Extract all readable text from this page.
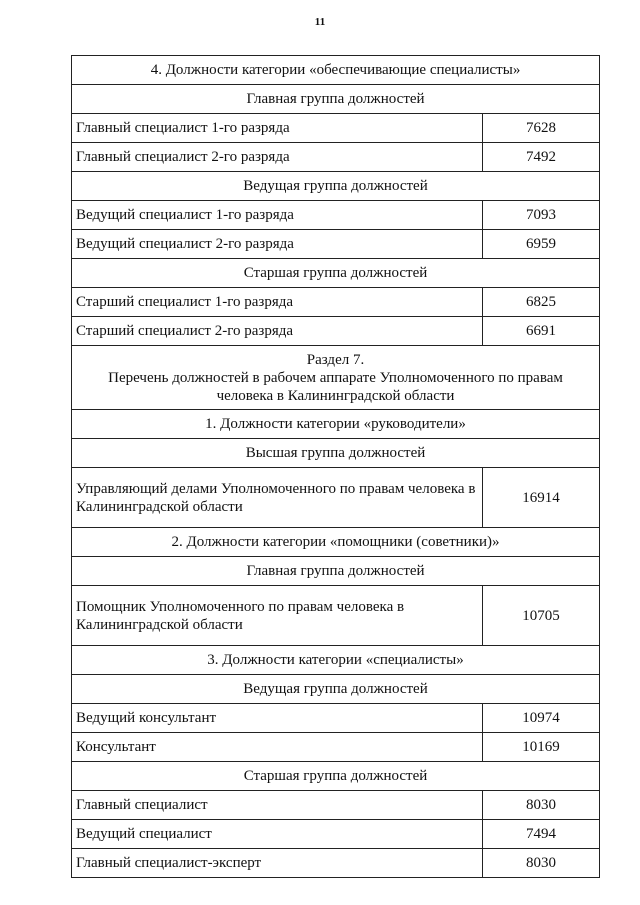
11
4. Должности категории «обеспечивающие специалисты»	
Главная группа должностей	
Главный специалист 1-го разряда	7628
Главный специалист 2-го разряда	7492
Ведущая группа должностей	
Ведущий специалист 1-го разряда	7093
Ведущий специалист 2-го разряда	6959
Старшая группа должностей	
Старший специалист 1-го разряда	6825
Старший специалист 2-го разряда	6691

Раздел 7.
Перечень должностей в рабочем аппарате Уполномоченного по правам
человека в Калининградской области	

1. Должности категории «руководители»	
Высшая группа должностей	
Управляющий делами Уполномоченного по правам человека в Калининградской области	16914
2. Должности категории «помощники (советники)»	
Главная группа должностей	
Помощник Уполномоченного по правам человека в Калининградской области	10705
3. Должности категории «специалисты»	
Ведущая группа должностей	
Ведущий консультант	10974
Консультант	10169
Старшая группа должностей	
Главный специалист	8030
Ведущий специалист	7494
Главный специалист-эксперт	8030
